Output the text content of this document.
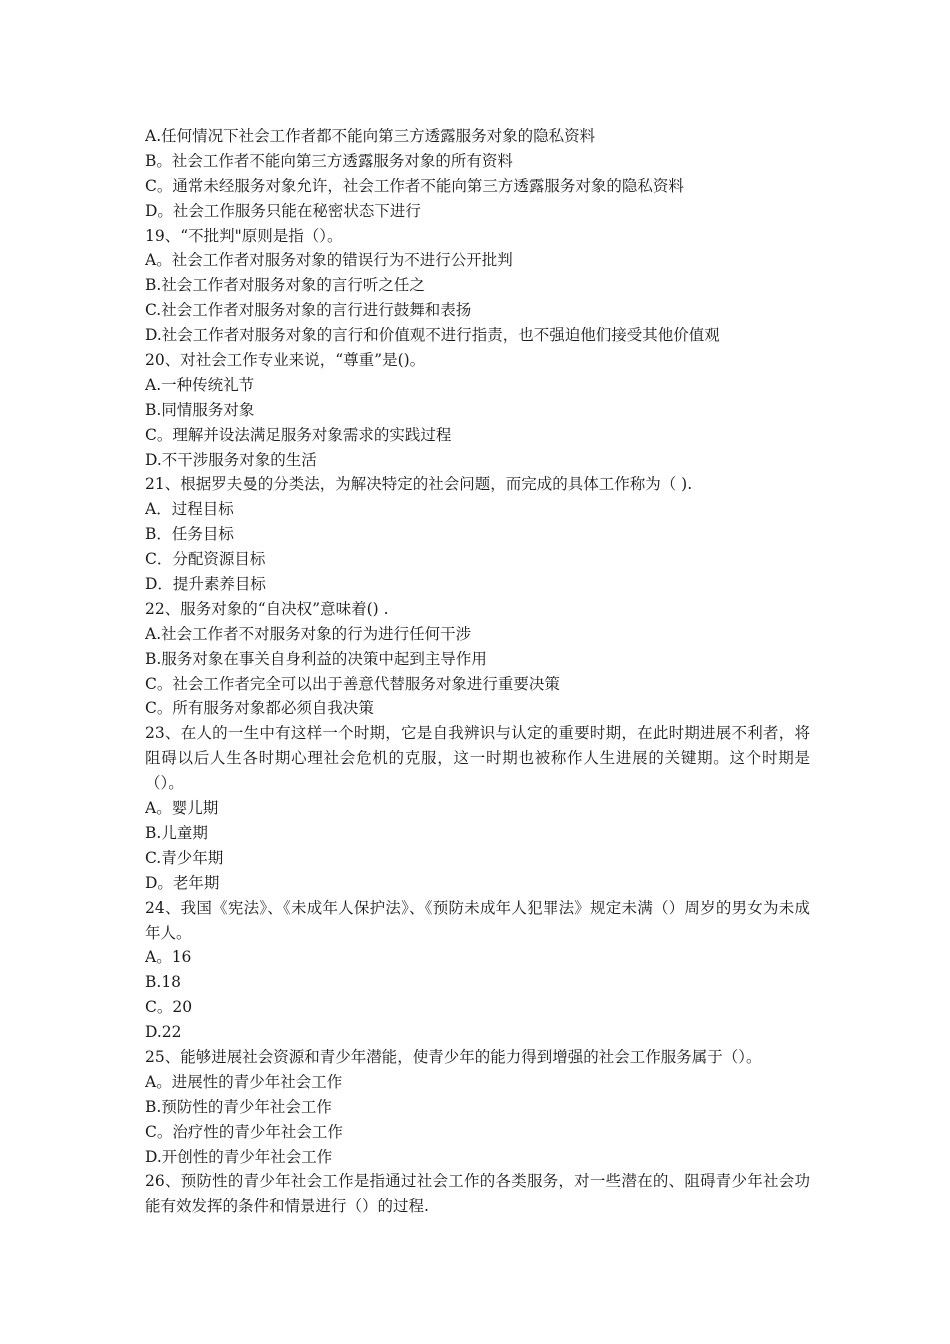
A.任何情况下社会工作者都不能向第三方透露服务对象的隐私资料

B。社会工作者不能向第三方透露服务对象的所有资料

C。通常未经服务对象允许，社会工作者不能向第三方透露服务对象的隐私资料

D。社会工作服务只能在秘密状态下进行

19、“不批判"原则是指（）。

A。社会工作者对服务对象的错误行为不进行公开批判

B.社会工作者对服务对象的言行听之任之

C.社会工作者对服务对象的言行进行鼓舞和表扬

D.社会工作者对服务对象的言行和价值观不进行指责，也不强迫他们接受其他价值观

20、对社会工作专业来说，“尊重”是()。

A.一种传统礼节

B.同情服务对象

C。理解并设法满足服务对象需求的实践过程

D.不干涉服务对象的生活

21、根据罗夫曼的分类法，为解决特定的社会问题，而完成的具体工作称为（ ).

A．过程目标

B．任务目标

C．分配资源目标

D．提升素养目标

22、服务对象的“自决权”意味着() .

A.社会工作者不对服务对象的行为进行任何干涉

B.服务对象在事关自身利益的决策中起到主导作用

C。社会工作者完全可以出于善意代替服务对象进行重要决策

C。所有服务对象都必须自我决策

23、在人的一生中有这样一个时期，它是自我辨识与认定的重要时期，在此时期进展不利者，将阻碍以后人生各时期心理社会危机的克服，这一时期也被称作人生进展的关键期。这个时期是（）。

A。婴儿期

B.儿童期

C.青少年期

D。老年期

24、我国《宪法》、《未成年人保护法》、《预防未成年人犯罪法》规定未满（）周岁的男女为未成年人。

A。16

B.18

C。20

D.22

25、能够进展社会资源和青少年潜能，使青少年的能力得到增强的社会工作服务属于（）。

A。进展性的青少年社会工作

B.预防性的青少年社会工作

C。治疗性的青少年社会工作

D.开创性的青少年社会工作

26、预防性的青少年社会工作是指通过社会工作的各类服务，对一些潜在的、阻碍青少年社会功能有效发挥的条件和情景进行（）的过程.
